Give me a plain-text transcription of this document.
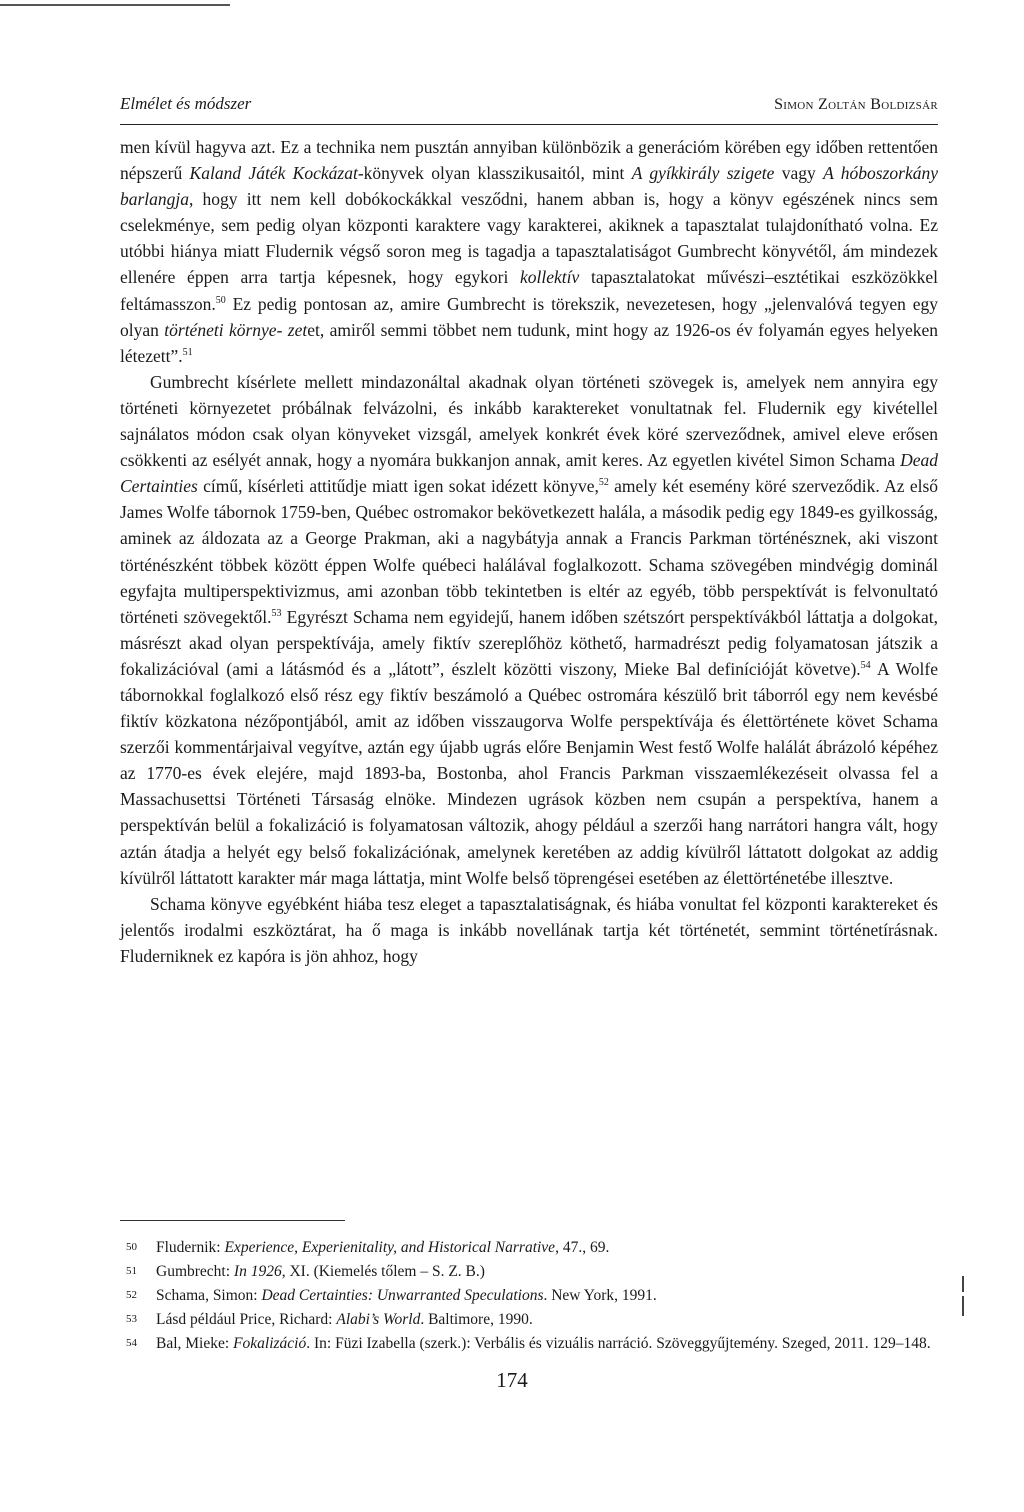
Elmélet és módszer	Simon Zoltán Boldizsár

men kívül hagyva azt. Ez a technika nem pusztán annyiban különbözik a generációm körében egy időben rettentően népszerű Kaland Játék Kockázat-könyvek olyan klasszikusaitól, mint A gyíkkirály szigete vagy A hóboszorkány barlangja, hogy itt nem kell dobókockákkal vesződni, hanem abban is, hogy a könyv egészének nincs sem cselekménye, sem pedig olyan központi karaktere vagy karakterei, akiknek a tapasztalat tulajdonítható volna. Ez utóbbi hiánya miatt Fludernik végső soron meg is tagadja a tapasztalatiságot Gumbrecht könyvétől, ám mindezek ellenére éppen arra tartja képesnek, hogy egykori kollektív tapasztalatokat művészi–esztétikai eszközökkel feltámasszon.$^{50}$ Ez pedig pontosan az, amire Gumbrecht is törekszik, nevezetesen, hogy „jelenvalóvá tegyen egy olyan történeti környe- zetet, amiről semmi többet nem tudunk, mint hogy az 1926-os év folyamán egyes helyeken létezett”.$^{51}$

Gumbrecht kísérlete mellett mindazonáltal akadnak olyan történeti szövegek is, amelyek nem annyira egy történeti környezetet próbálnak felvázolni, és inkább karaktereket vonultatnak fel. Fludernik egy kivétellel sajnálatos módon csak olyan könyveket vizsgál, amelyek konkrét évek köré szerveződnek, amivel eleve erősen csökkenti az esélyét annak, hogy a nyomára bukkanjon annak, amit keres. Az egyetlen kivétel Simon Schama Dead Certainties című, kísérleti attitűdje miatt igen sokat idézett könyve,$^{52}$ amely két esemény köré szerveződik. Az első James Wolfe tábornok 1759-ben, Québec ostromakor bekövetkezett halála, a második pedig egy 1849-es gyilkosság, aminek az áldozata az a George Prakman, aki a nagybátyja annak a Francis Parkman történésznek, aki viszont történészként többek között éppen Wolfe québeci halálával foglalkozott. Schama szövegében mindvégig dominál egyfajta multiperspektivizmus, ami azonban több tekintetben is eltér az egyéb, több perspektívát is felvonultató történeti szövegektől.$^{53}$ Egyrészt Schama nem egyidejű, hanem időben szétszórt perspektívákból láttatja a dolgokat, másrészt akad olyan perspektívája, amely fiktív szereplőhöz köthető, harmadrészt pedig folyamatosan játszik a fokalizációval (ami a látásmód és a „látott”, észlelt közötti viszony, Mieke Bal definícióját követve).$^{54}$ A Wolfe tábornokkal foglalkozó első rész egy fiktív beszámoló a Québec ostromára készülő brit táborról egy nem kevésbé fiktív közkatona nézőpontjából, amit az időben visszaugorva Wolfe perspektívája és élettörténete követ Schama szerzői kommentárjaival vegyítve, aztán egy újabb ugrás előre Benjamin West festő Wolfe halálát ábrázoló képéhez az 1770-es évek elejére, majd 1893-ba, Bostonba, ahol Francis Parkman visszaemlékezéseit olvassa fel a Massachusettsi Történeti Társaság elnöke. Mindezen ugrások közben nem csupán a perspektíva, hanem a perspektíván belül a fokalizáció is folyamatosan változik, ahogy például a szerzői hang narrátori hangra vált, hogy aztán átadja a helyét egy belső fokalizációnak, amelynek keretében az addig kívülről láttatott dolgokat az addig kívülről láttatott karakter már maga láttatja, mint Wolfe belső töprengései esetében az élettörténetébe illesztve.

Schama könyve egyébként hiába tesz eleget a tapasztalatiságnak, és hiába vonultat fel központi karaktereket és jelentős irodalmi eszköztárat, ha ő maga is inkább novellának tartja két történetét, semmint történetírásnak. Fluderniknek ez kapóra is jön ahhoz, hogy

50 Fludernik: Experience, Experienitality, and Historical Narrative, 47., 69.

51 Gumbrecht: In 1926, XI. (Kiemelés tőlem – S. Z. B.)

52 Schama, Simon: Dead Certainties: Unwarranted Speculations. New York, 1991.

53 Lásd például Price, Richard: Alabi’s World. Baltimore, 1990.

54 Bal, Mieke: Fokalizáció. In: Füzi Izabella (szerk.): Verbális és vizuális narráció. Szöveggyűjtemény. Szeged, 2011. 129–148.

174
